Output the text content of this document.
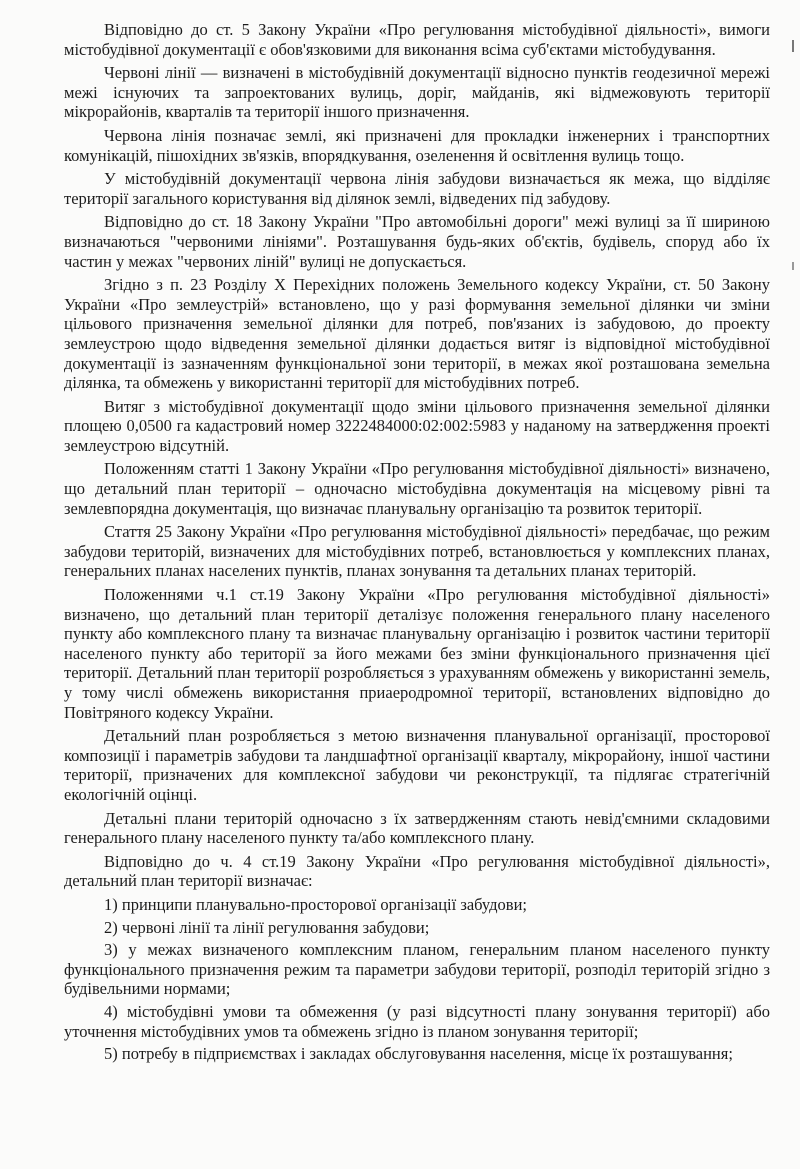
Відповідно до ст. 5 Закону України «Про регулювання містобудівної діяльності», вимоги містобудівної документації є обов'язковими для виконання всіма суб'єктами містобудування.

Червоні лінії — визначені в містобудівній документації відносно пунктів геодезичної мережі межі існуючих та запроектованих вулиць, доріг, майданів, які відмежовують території мікрорайонів, кварталів та території іншого призначення.

Червона лінія позначає землі, які призначені для прокладки інженерних і транспортних комунікацій, пішохідних зв'язків, впорядкування, озеленення й освітлення вулиць тощо.

У містобудівній документації червона лінія забудови визначається як межа, що відділяє території загального користування від ділянок землі, відведених під забудову.

Відповідно до ст. 18 Закону України "Про автомобільні дороги" межі вулиці за її шириною визначаються "червоними лініями". Розташування будь-яких об'єктів, будівель, споруд або їх частин у межах "червоних ліній" вулиці не допускається.

Згідно з п. 23 Розділу X Перехідних положень Земельного кодексу України, ст. 50 Закону України «Про землеустрій» встановлено, що у разі формування земельної ділянки чи зміни цільового призначення земельної ділянки для потреб, пов'язаних із забудовою, до проекту землеустрою щодо відведення земельної ділянки додається витяг із відповідної містобудівної документації із зазначенням функціональної зони території, в межах якої розташована земельна ділянка, та обмежень у використанні території для містобудівних потреб.

Витяг з містобудівної документації щодо зміни цільового призначення земельної ділянки площею 0,0500 га кадастровий номер 3222484000:02:002:5983 у наданому на затвердження проекті землеустрою відсутній.

Положенням статті 1 Закону України «Про регулювання містобудівної діяльності» визначено, що детальний план території – одночасно містобудівна документація на місцевому рівні та землевпорядна документація, що визначає планувальну організацію та розвиток території.

Стаття 25 Закону України «Про регулювання містобудівної діяльності» передбачає, що режим забудови територій, визначених для містобудівних потреб, встановлюється у комплексних планах, генеральних планах населених пунктів, планах зонування та детальних планах територій.

Положеннями ч.1 ст.19 Закону України «Про регулювання містобудівної діяльності» визначено, що детальний план території деталізує положення генерального плану населеного пункту або комплексного плану та визначає планувальну організацію і розвиток частини території населеного пункту або території за його межами без зміни функціонального призначення цієї території. Детальний план території розробляється з урахуванням обмежень у використанні земель, у тому числі обмежень використання приаеродромної території, встановлених відповідно до Повітряного кодексу України.

Детальний план розробляється з метою визначення планувальної організації, просторової композиції і параметрів забудови та ландшафтної організації кварталу, мікрорайону, іншої частини території, призначених для комплексної забудови чи реконструкції, та підлягає стратегічній екологічній оцінці.

Детальні плани територій одночасно з їх затвердженням стають невід'ємними складовими генерального плану населеного пункту та/або комплексного плану.

Відповідно до ч. 4 ст.19 Закону України «Про регулювання містобудівної діяльності», детальний план території визначає:

1) принципи планувально-просторової організації забудови;

2) червоні лінії та лінії регулювання забудови;

3) у межах визначеного комплексним планом, генеральним планом населеного пункту функціонального призначення режим та параметри забудови території, розподіл територій згідно з будівельними нормами;

4) містобудівні умови та обмеження (у разі відсутності плану зонування території) або уточнення містобудівних умов та обмежень згідно із планом зонування території;

5) потребу в підприємствах і закладах обслуговування населення, місце їх розташування;
